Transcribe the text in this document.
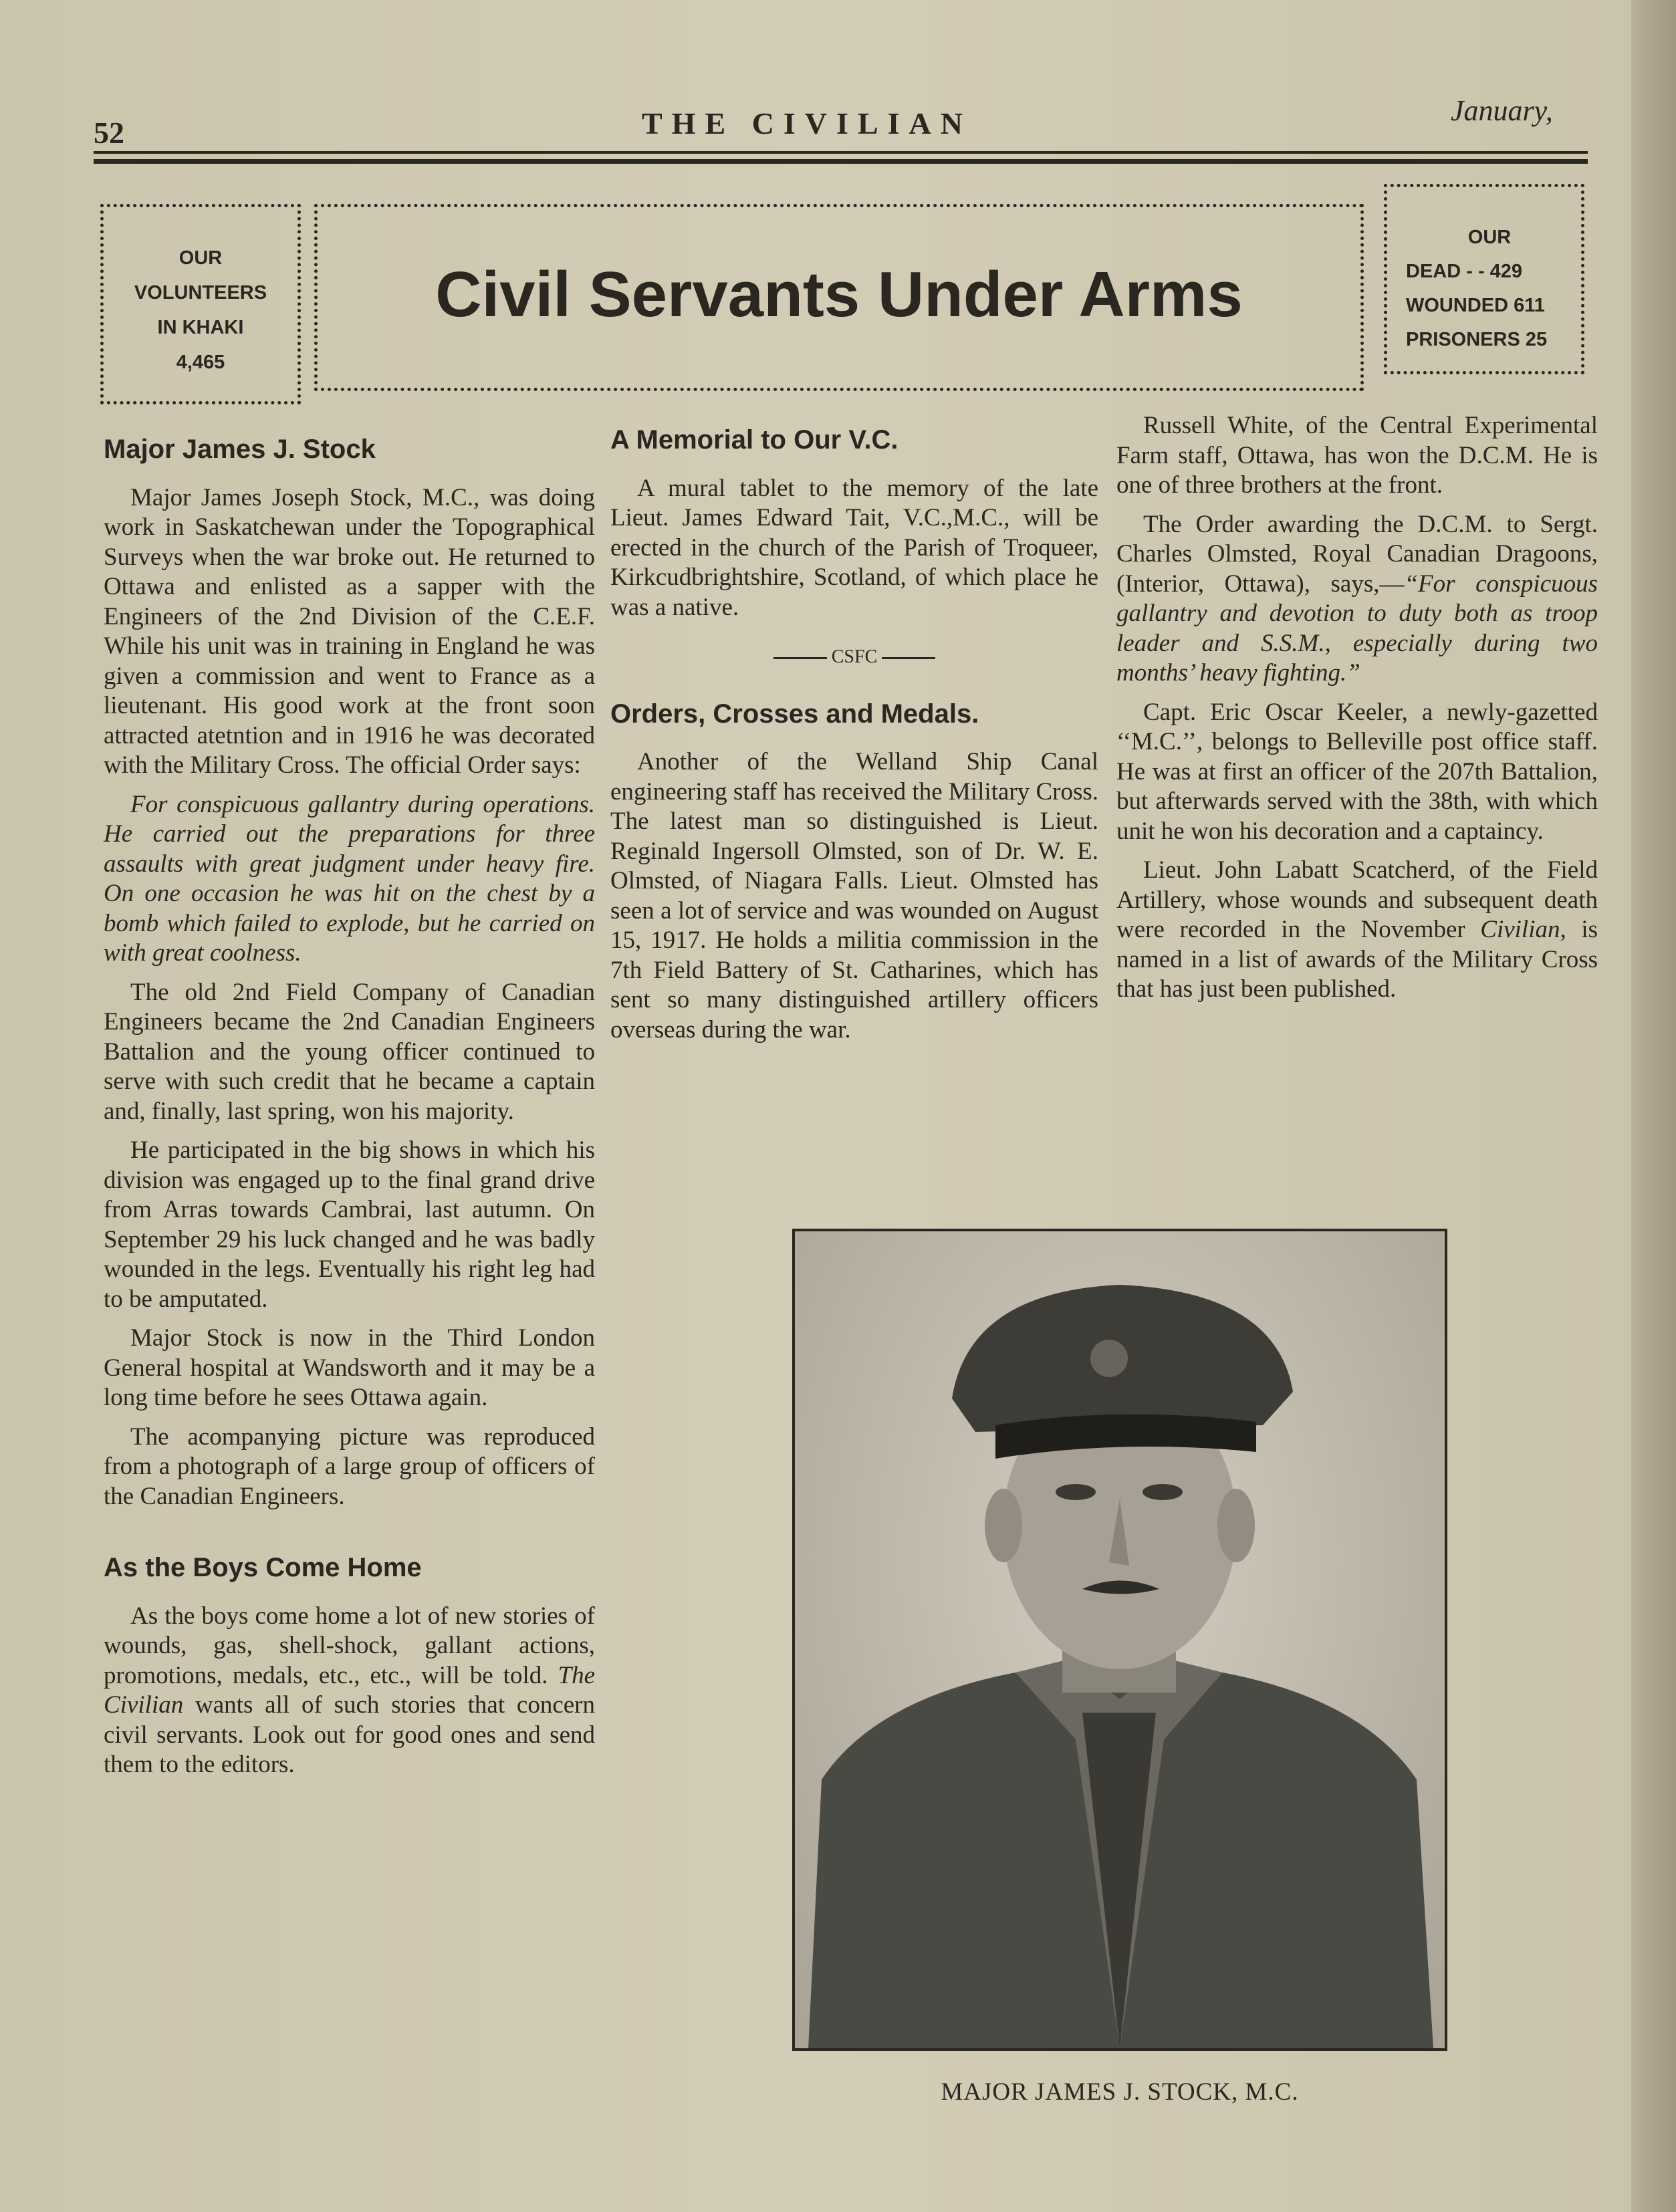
52	THE CIVILIAN	January,
OUR
VOLUNTEERS
IN KHAKI
4,465
Civil Servants Under Arms
OUR
DEAD - - 429
WOUNDED 611
PRISONERS 25
Major James J. Stock

Major James Joseph Stock, M.C., was doing work in Saskatchewan under the Topographical Surveys when the war broke out. He returned to Ottawa and enlisted as a sapper with the Engineers of the 2nd Division of the C.E.F. While his unit was in training in England he was given a commission and went to France as a lieutenant. His good work at the front soon attracted atetntion and in 1916 he was decorated with the Military Cross. The official Order says:

For conspicuous gallantry during operations. He carried out the preparations for three assaults with great judgment under heavy fire. On one occasion he was hit on the chest by a bomb which failed to explode, but he carried on with great coolness.

The old 2nd Field Company of Canadian Engineers became the 2nd Canadian Engineers Battalion and the young officer continued to serve with such credit that he became a captain and, finally, last spring, won his majority.

He participated in the big shows in which his division was engaged up to the final grand drive from Arras towards Cambrai, last autumn. On September 29 his luck changed and he was badly wounded in the legs. Eventually his right leg had to be amputated.

Major Stock is now in the Third London General hospital at Wandsworth and it may be a long time before he sees Ottawa again.

The acompanying picture was reproduced from a photograph of a large group of officers of the Canadian Engineers.

As the Boys Come Home

As the boys come home a lot of new stories of wounds, gas, shell-shock, gallant actions, promotions, medals, etc., etc., will be told. The Civilian wants all of such stories that concern civil servants. Look out for good ones and send them to the editors.

A Memorial to Our V.C.

A mural tablet to the memory of the late Lieut. James Edward Tait, V.C.,M.C., will be erected in the church of the Parish of Troqueer, Kirkcudbrightshire, Scotland, of which place he was a native.

CSFC
Orders, Crosses and Medals.

Another of the Welland Ship Canal engineering staff has received the Military Cross. The latest man so distinguished is Lieut. Reginald Ingersoll Olmsted, son of Dr. W. E. Olmsted, of Niagara Falls. Lieut. Olmsted has seen a lot of service and was wounded on August 15, 1917. He holds a militia commission in the 7th Field Battery of St. Catharines, which has sent so many distinguished artillery officers overseas during the war.

Russell White, of the Central Experimental Farm staff, Ottawa, has won the D.C.M. He is one of three brothers at the front.

The Order awarding the D.C.M. to Sergt. Charles Olmsted, Royal Canadian Dragoons, (Interior, Ottawa), says,—“For conspicuous gallantry and devotion to duty both as troop leader and S.S.M., especially during two months’ heavy fighting.”

Capt. Eric Oscar Keeler, a newly-gazetted ‘‘M.C.’’, belongs to Belleville post office staff. He was at first an officer of the 207th Battalion, but afterwards served with the 38th, with which unit he won his decoration and a captaincy.

Lieut. John Labatt Scatcherd, of the Field Artillery, whose wounds and subsequent death were recorded in the November Civilian, is named in a list of awards of the Military Cross that has just been published.

MAJOR JAMES J. STOCK, M.C.
